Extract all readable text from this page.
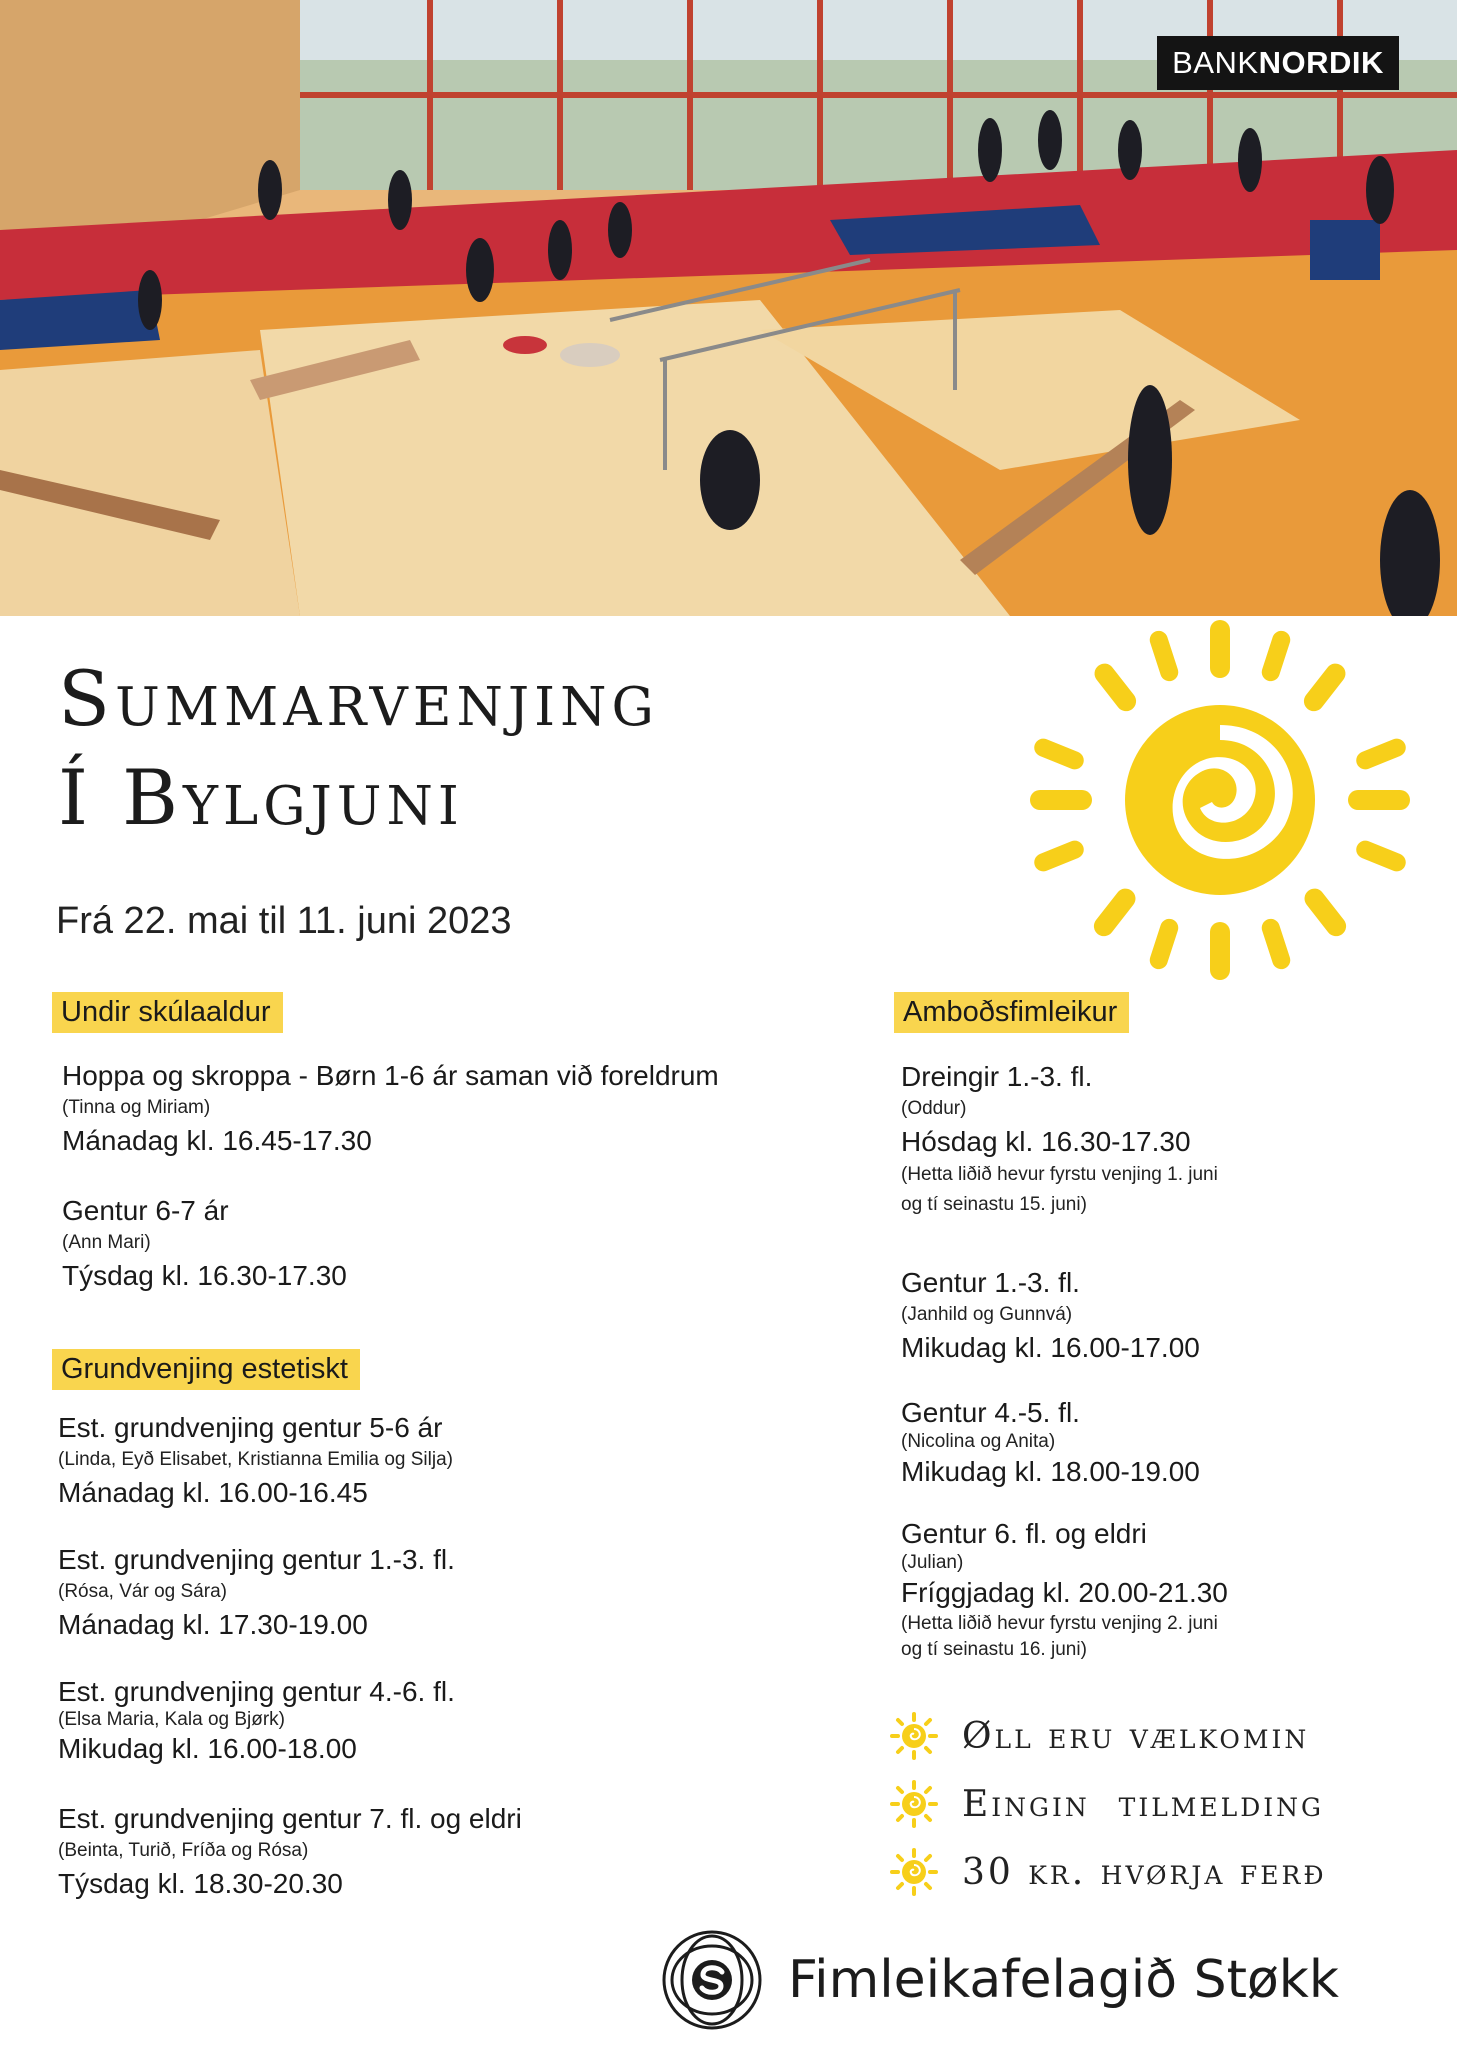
BANK NORDIK
Summarvenjing
Í Bylgjuni
Frá 22. mai til 11. juni 2023
Undir skúlaaldur
Hoppa og skroppa - Børn 1-6 ár saman við foreldrum
(Tinna og Miriam)
Mánadag kl. 16.45-17.30
Gentur 6-7 ár
(Ann Mari)
Týsdag kl. 16.30-17.30
Grundvenjing estetiskt
Est. grundvenjing gentur 5-6 ár
(Linda, Eyð Elisabet, Kristianna Emilia og Silja)
Mánadag kl. 16.00-16.45
Est. grundvenjing gentur 1.-3. fl.
(Rósa, Vár og Sára)
Mánadag kl. 17.30-19.00
Est. grundvenjing gentur 4.-6. fl.
(Elsa Maria, Kala og Bjørk)
Mikudag kl. 16.00-18.00
Est. grundvenjing gentur 7. fl. og eldri
(Beinta, Turið, Fríða og Rósa)
Týsdag kl. 18.30-20.30
Amboðsfimleikur
Dreingir 1.-3. fl.
(Oddur)
Hósdag kl. 16.30-17.30
(Hetta liðið hevur fyrstu venjing 1. juni
og tí seinastu 15. juni)
Gentur 1.-3. fl.
(Janhild og Gunnvá)
Mikudag kl. 16.00-17.00
Gentur 4.-5. fl.
(Nicolina og Anita)
Mikudag kl. 18.00-19.00
Gentur 6. fl. og eldri
(Julian)
Fríggjadag kl. 20.00-21.30
(Hetta liðið hevur fyrstu venjing 2. juni
og tí seinastu 16. juni)
Øll eru vælkomin
Eingin  tilmelding
30 kr. hvørja ferð
Fimleikafelagið Støkk
